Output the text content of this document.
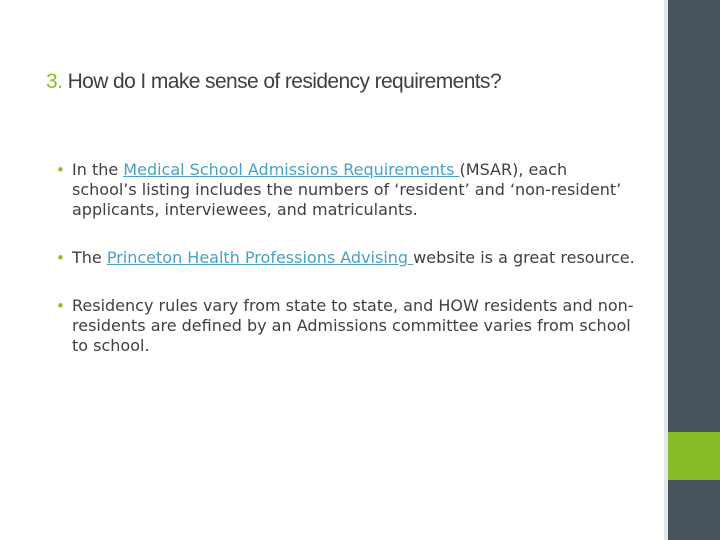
3. How do I make sense of residency requirements?
• In the Medical School Admissions Requirements (MSAR), each school’s listing includes the numbers of ‘resident’ and ‘non-resident’ applicants, interviewees, and matriculants.
• The Princeton Health Professions Advising website is a great resource.
• Residency rules vary from state to state, and HOW residents and non-residents are defined by an Admissions committee varies from school to school.
